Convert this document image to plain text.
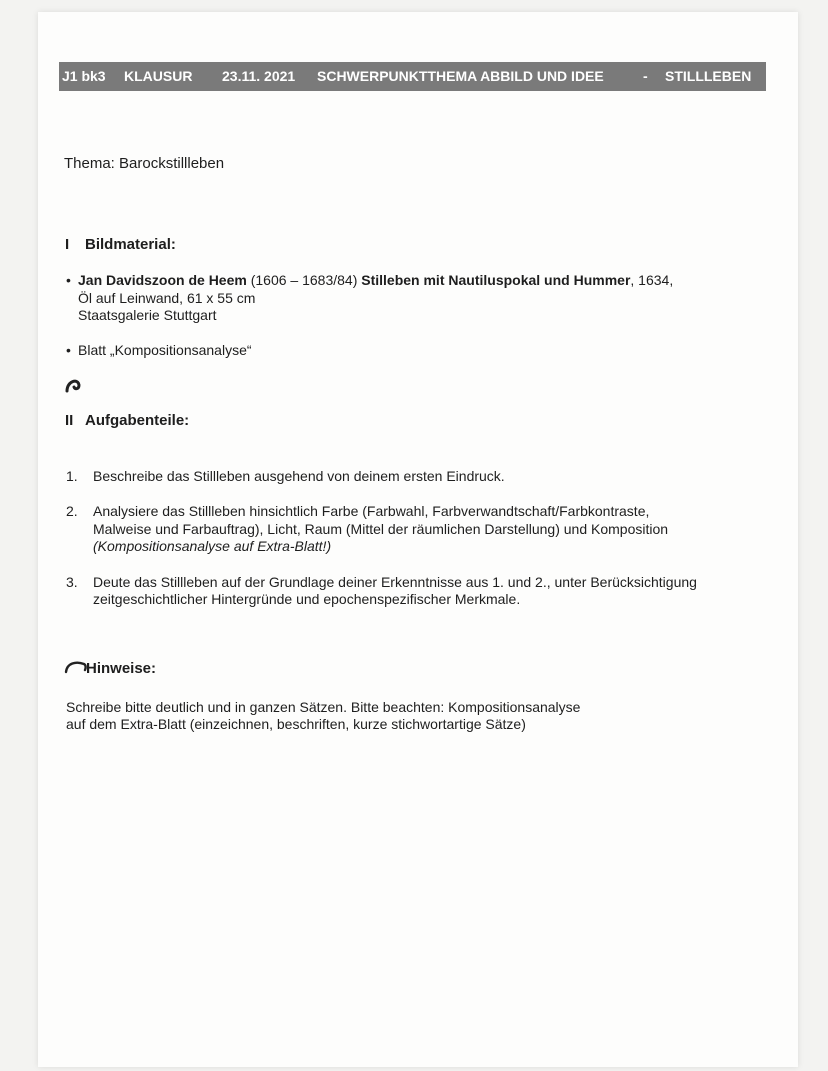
J1 bk3 KLAUSUR 23.11. 2021 SCHWERPUNKTTHEMA ABBILD UND IDEE	- STILLLEBEN
Thema: Barockstillleben
I Bildmaterial:
• Jan Davidszoon de Heem (1606 – 1683/84) Stilleben mit Nautiluspokal und Hummer, 1634,
Öl auf Leinwand, 61 x 55 cm
Staatsgalerie Stuttgart
• Blatt „Kompositionsanalyse“
II Aufgabenteile:
1. Beschreibe das Stillleben ausgehend von deinem ersten Eindruck.
2. Analysiere das Stillleben hinsichtlich Farbe (Farbwahl, Farbverwandtschaft/Farbkontraste,
Malweise und Farbauftrag), Licht, Raum (Mittel der räumlichen Darstellung) und Komposition
(Kompositionsanalyse auf Extra-Blatt!)
3. Deute das Stillleben auf der Grundlage deiner Erkenntnisse aus 1. und 2., unter Berücksichtigung
zeitgeschichtlicher Hintergründe und epochenspezifischer Merkmale.
Hinweise:
Schreibe bitte deutlich und in ganzen Sätzen. Bitte beachten: Kompositionsanalyse
auf dem Extra-Blatt (einzeichnen, beschriften, kurze stichwortartige Sätze)
